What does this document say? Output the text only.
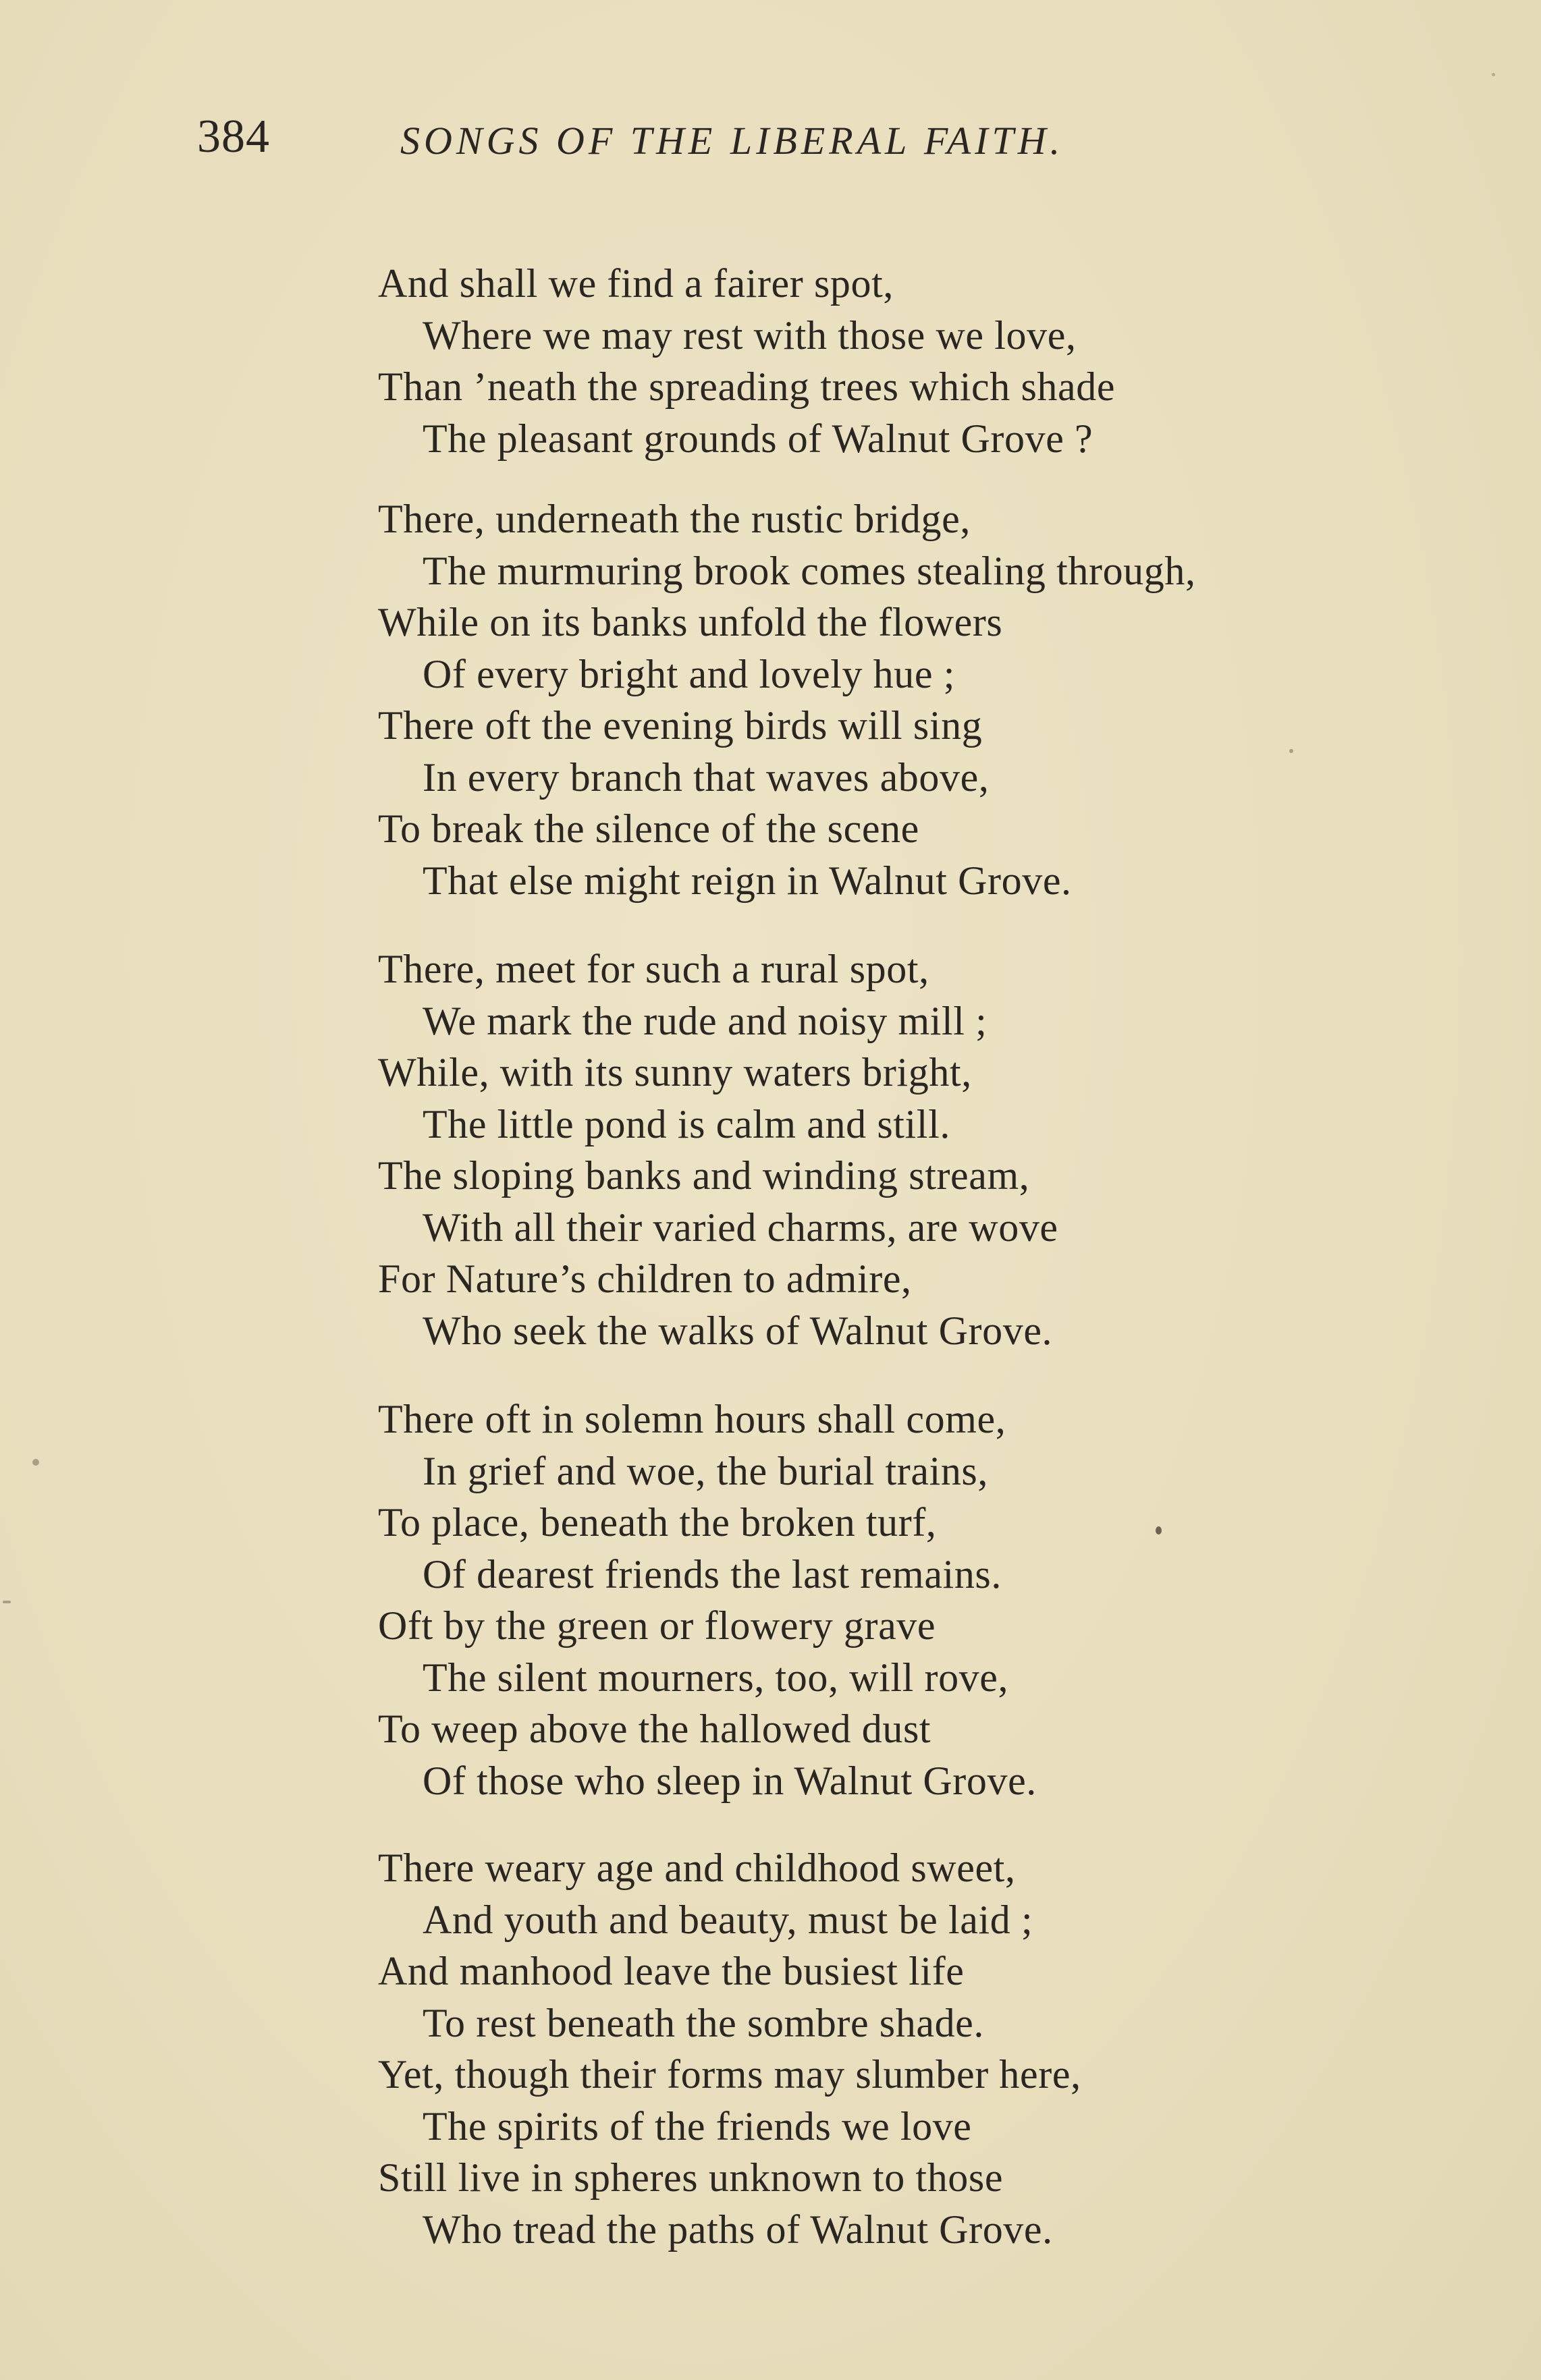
384	SONGS OF THE LIBERAL FAITH.
And shall we find a fairer spot,
Where we may rest with those we love,
Than ’neath the spreading trees which shade
The pleasant grounds of Walnut Grove ?
There, underneath the rustic bridge,
The murmuring brook comes stealing through,
While on its banks unfold the flowers
Of every bright and lovely hue ;
There oft the evening birds will sing
In every branch that waves above,
To break the silence of the scene
That else might reign in Walnut Grove.
There, meet for such a rural spot,
We mark the rude and noisy mill ;
While, with its sunny waters bright,
The little pond is calm and still.
The sloping banks and winding stream,
With all their varied charms, are wove
For Nature’s children to admire,
Who seek the walks of Walnut Grove.
There oft in solemn hours shall come,
In grief and woe, the burial trains,
To place, beneath the broken turf,
Of dearest friends the last remains.
Oft by the green or flowery grave
The silent mourners, too, will rove,
To weep above the hallowed dust
Of those who sleep in Walnut Grove.
There weary age and childhood sweet,
And youth and beauty, must be laid ;
And manhood leave the busiest life
To rest beneath the sombre shade.
Yet, though their forms may slumber here,
The spirits of the friends we love
Still live in spheres unknown to those
Who tread the paths of Walnut Grove.
